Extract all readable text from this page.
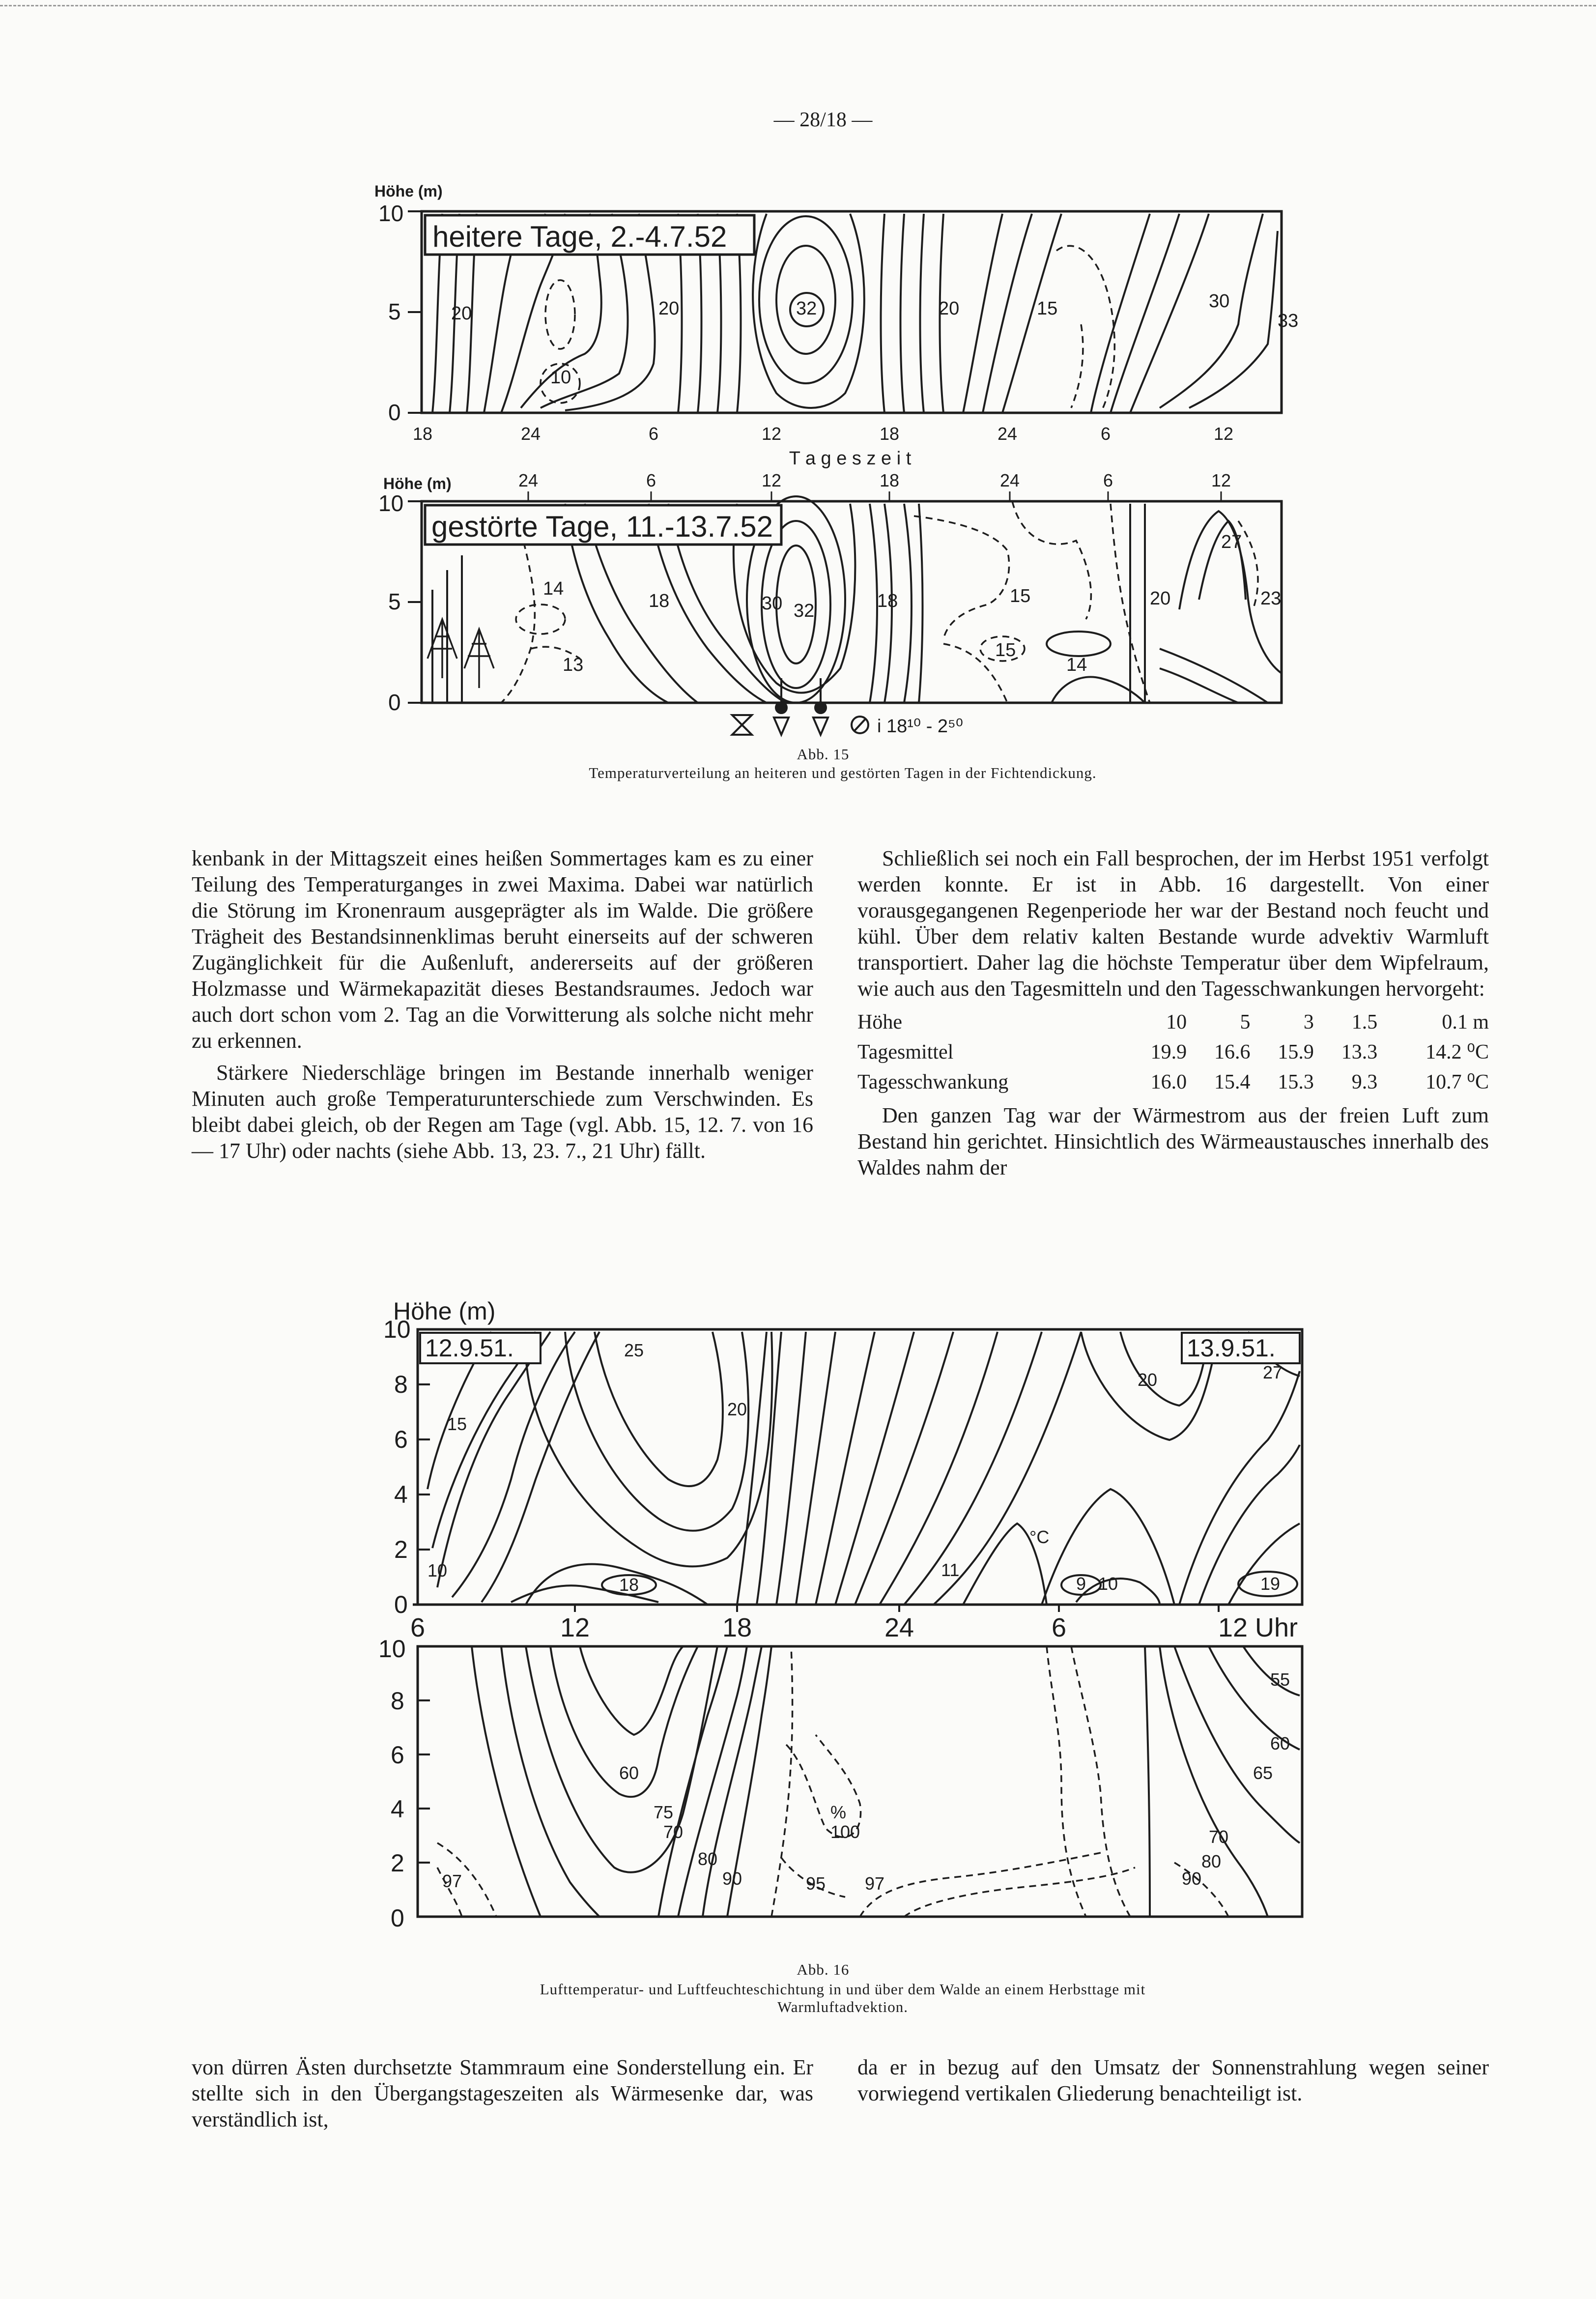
— 28/18 —
heitere Tage, 2.-4.7.52
Höhe (m)
10
5
0
20
10
20	32	20	15	30
33
18	24	6	12	18	24	6	12
T a g e s z e i t
Höhe (m)	24	6	12	18	24	6	12
10
5
0
gestörte Tage, 11.-13.7.52
14
18	30 32	18	15	20
27
23
13
15
14
i 18¹⁰ - 2⁵⁰
Abb. 15
Temperaturverteilung an heiteren und gestörten Tagen in der Fichtendickung.

kenbank in der Mittagszeit eines heißen Sommertages kam es zu einer Teilung des Temperaturganges in zwei Maxima. Dabei war natürlich die Störung im Kronenraum ausgeprägter als im Walde. Die größere Trägheit des Bestandsinnenklimas beruht einerseits auf der schweren Zugänglichkeit für die Außenluft, andererseits auf der größeren Holzmasse und Wärmekapazität dieses Bestandsraumes. Jedoch war auch dort schon vom 2. Tag an die Vorwitterung als solche nicht mehr zu erkennen.

Stärkere Niederschläge bringen im Bestande innerhalb weniger Minuten auch große Temperaturunterschiede zum Verschwinden. Es bleibt dabei gleich, ob der Regen am Tage (vgl. Abb. 15, 12. 7. von 16 — 17 Uhr) oder nachts (siehe Abb. 13, 23. 7., 21 Uhr) fällt.

Schließlich sei noch ein Fall besprochen, der im Herbst 1951 verfolgt werden konnte. Er ist in Abb. 16 dargestellt. Von einer vorausgegangenen Regenperiode her war der Bestand noch feucht und kühl. Über dem relativ kalten Bestande wurde advektiv Warmluft transportiert. Daher lag die höchste Temperatur über dem Wipfelraum, wie auch aus den Tagesmitteln und den Tagesschwankungen hervorgeht:

Höhe	10	5	3	1.5	0.1 m
Tagesmittel	19.9	16.6	15.9	13.3	14.2 ⁰C
Tagesschwankung	16.0	15.4	15.3	9.3	10.7 ⁰C

Den ganzen Tag war der Wärmestrom aus der freien Luft zum Bestand hin gerichtet. Hinsichtlich des Wärmeaustausches innerhalb des Waldes nahm der

Höhe (m)
10
8
6
4
2
0
10
8
6
4
2
0
12.9.51.	13.9.51.
25
20
15
20	27
10
18
11
9 10	19
°C
6	12	18	24	6	12 Uhr
55
60
65
60
75
70
80
90	95
97
100
97
70
80
90
%
Abb. 16
Lufttemperatur- und Luftfeuchteschichtung in und über dem Walde an einem Herbsttage mit Warmluftadvektion.

von dürren Ästen durchsetzte Stammraum eine Sonderstellung ein. Er stellte sich in den Übergangstageszeiten als Wärmesenke dar, was verständlich ist,

da er in bezug auf den Umsatz der Sonnenstrahlung wegen seiner vorwiegend vertikalen Gliederung benachteiligt ist.
